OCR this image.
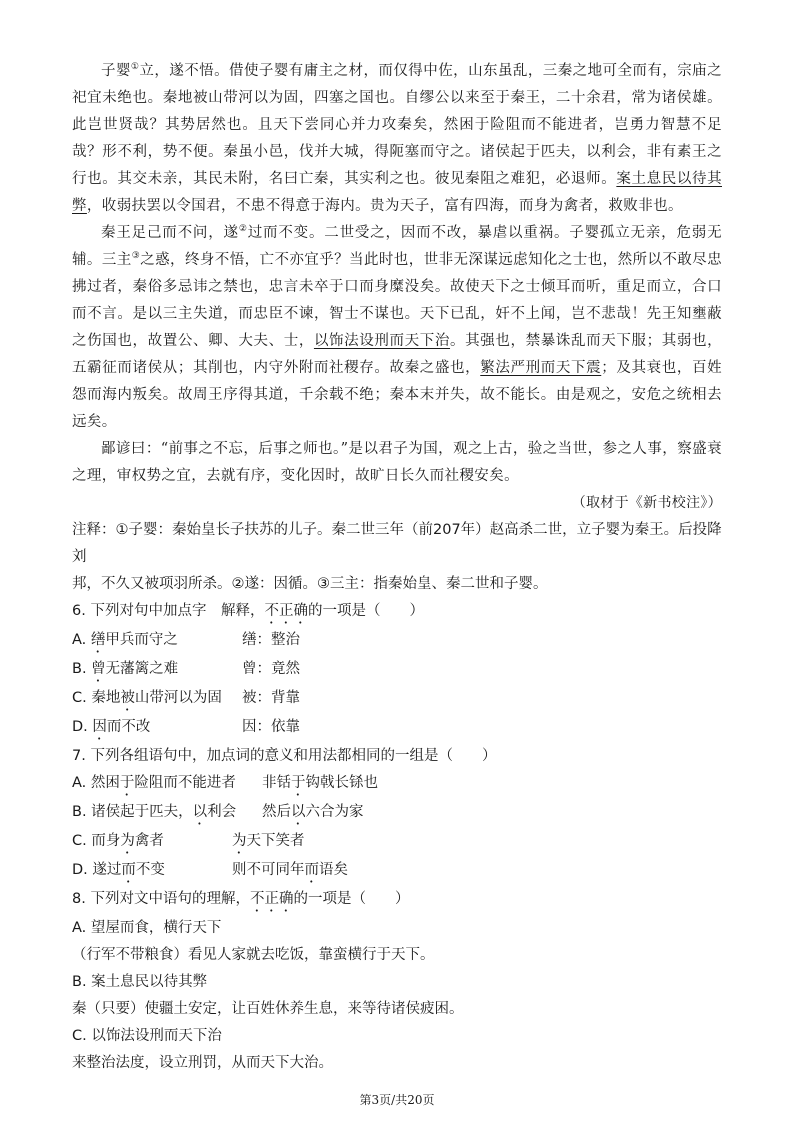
子婴①立，遂不悟。借使子婴有庸主之材，而仅得中佐，山东虽乱，三秦之地可全而有，宗庙之祀宜未绝也。秦地被山带河以为固，四塞之国也。自缪公以来至于秦王，二十余君，常为诸侯雄。此岂世贤哉？其势居然也。且天下尝同心并力攻秦矣，然困于险阻而不能进者，岂勇力智慧不足哉？形不利，势不便。秦虽小邑，伐并大城，得阨塞而守之。诸侯起于匹夫，以利会，非有素王之行也。其交未亲，其民未附，名曰亡秦，其实利之也。彼见秦阻之难犯，必退师。案土息民以待其弊，收弱扶罢以令国君，不患不得意于海内。贵为天子，富有四海，而身为禽者，救败非也。

秦王足己而不问，遂②过而不变。二世受之，因而不改，暴虐以重祸。子婴孤立无亲，危弱无辅。三主③之惑，终身不悟，亡不亦宜乎？当此时也，世非无深谋远虑知化之士也，然所以不敢尽忠拂过者，秦俗多忌讳之禁也，忠言未卒于口而身糜没矣。故使天下之士倾耳而听，重足而立，合口而不言。是以三主失道，而忠臣不谏，智士不谋也。天下已乱，奸不上闻，岂不悲哉！先王知壅蔽之伤国也，故置公、卿、大夫、士，以饰法设刑而天下治。其强也，禁暴诛乱而天下服；其弱也，五霸征而诸侯从；其削也，内守外附而社稷存。故秦之盛也，繁法严刑而天下震；及其衰也，百姓怨而海内叛矣。故周王序得其道，千余载不绝；秦本末并失，故不能长。由是观之，安危之统相去远矣。

鄙谚曰：“前事之不忘，后事之师也。”是以君子为国，观之上古，验之当世，参之人事，察盛衰之理，审权势之宜，去就有序，变化因时，故旷日长久而社稷安矣。

（取材于《新书校注》）

注释：①子婴：秦始皇长子扶苏的儿子。秦二世三年（前207年）赵高杀二世，立子婴为秦王。后投降刘

邦，不久又被项羽所杀。②遂：因循。③三主：指秦始皇、秦二世和子婴。

6. 下列对句中加点字　 解释，不正确的一项是（　　）

A. 缮甲兵而守之	缮：整治
B. 曾无藩篱之难	曾：竟然
C. 秦地被山带河以为固	被：背靠
D. 因而不改	因：依靠

7. 下列各组语句中，加点词的意义和用法都相同的一组是（　　）

A. 然困于险阻而不能进者	非铦于钩戟长铩也
B. 诸侯起于匹夫，以利会	然后以六合为家
C. 而身为禽者	为天下笑者
D. 遂过而不变	则不可同年而语矣

8. 下列对文中语句的理解，不正确的一项是（　　）

A. 望屋而食，横行天下

（行军不带粮食）看见人家就去吃饭，靠蛮横行于天下。

B. 案土息民以待其弊

秦（只要）使疆土安定，让百姓休养生息，来等待诸侯疲困。

C. 以饰法设刑而天下治

来整治法度，设立刑罚，从而天下大治。

第3页/共20页
